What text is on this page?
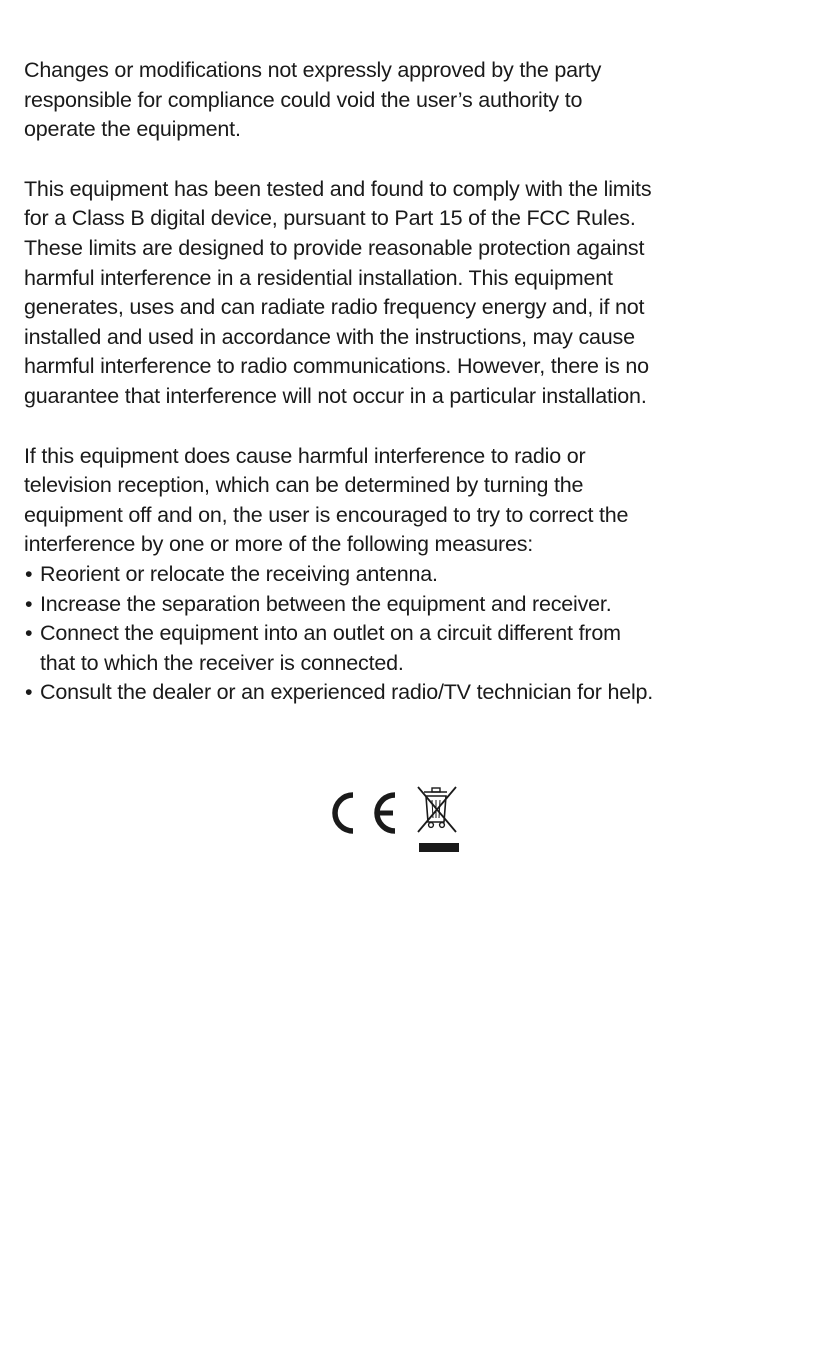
Changes or modifications not expressly approved by the party
responsible for compliance could void the user’s authority to
operate the equipment.

This equipment has been tested and found to comply with the limits
for a Class B digital device, pursuant to Part 15 of the FCC Rules.
These limits are designed to provide reasonable protection against
harmful interference in a residential installation. This equipment
generates, uses and can radiate radio frequency energy and, if not
installed and used in accordance with the instructions, may cause
harmful interference to radio communications. However, there is no
guarantee that interference will not occur in a particular installation.

If this equipment does cause harmful interference to radio or
television reception, which can be determined by turning the
equipment off and on, the user is encouraged to try to correct the
interference by one or more of the following measures:

• Reorient or relocate the receiving antenna.
• Increase the separation between the equipment and receiver.
• Connect the equipment into an outlet on a circuit different from
that to which the receiver is connected.
• Consult the dealer or an experienced radio/TV technician for help.
